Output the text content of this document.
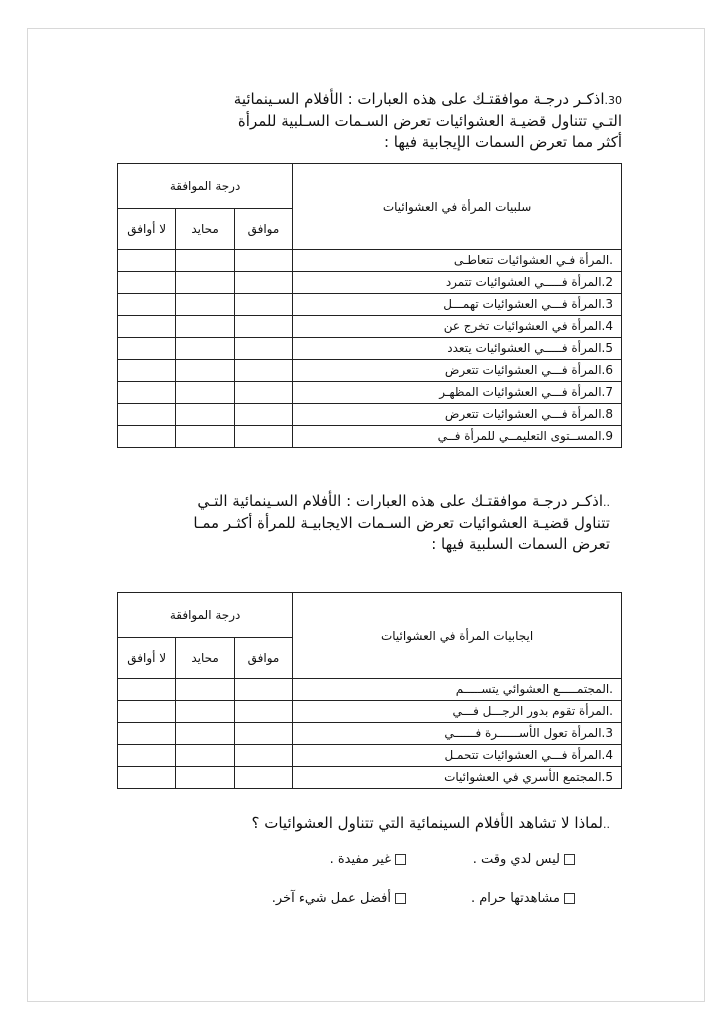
30.اذكـر درجـة موافقتـك على هذه العبارات : الأفلام السـينمائية
التـي تتناول قضيـة العشوائيات تعرض السـمات السـلبية للمرأة
أكثر مما تعرض السمات الإيجابية فيها :
سلبيات المرأة في العشوائيات	درجة الموافقة		
	موافق	محايد	لا أوافق

.المرأة فـي العشوائيات تتعاطـى			

2.المرأة فـــــي العشوائيات تتمرد			

3.المرأة فـــي العشوائيات تهمـــل			

4.المرأة في العشوائيات تخرج عن			

5.المرأة فـــــي العشوائيات يتعدد			

6.المرأة فـــي العشوائيات تتعرض			

7.المرأة فـــي العشوائيات المظهـر			

8.المرأة فـــي العشوائيات تتعرض			

9.المســتوى التعليمــي للمرأة فــي			

..اذكـر درجـة موافقتـك على هذه العبارات : الأفلام السـينمائية التـي
تتناول قضيـة العشوائيات تعرض السـمات الايجابيـة للمرأة أكثـر ممـا
تعرض السمات السلبية فيها :
ايجابيات المرأة في العشوائيات	درجة الموافقة		
	موافق	محايد	لا أوافق

.المجتمـــــع العشوائي يتســـــم			

.المرأة تقوم بدور الرجـــل فـــي			

3.المرأة تعول الأســــــرة فــــــي			

4.المرأة فـــي العشوائيات تتحمـل			

5.المجتمع الأسري في العشوائيات			

..لماذا لا تشاهد الأفلام السينمائية التي تتناول العشوائيات ؟
ليس لدي وقت .
غير مفيدة .
مشاهدتها حرام .
أفضل عمل شيء آخر.
